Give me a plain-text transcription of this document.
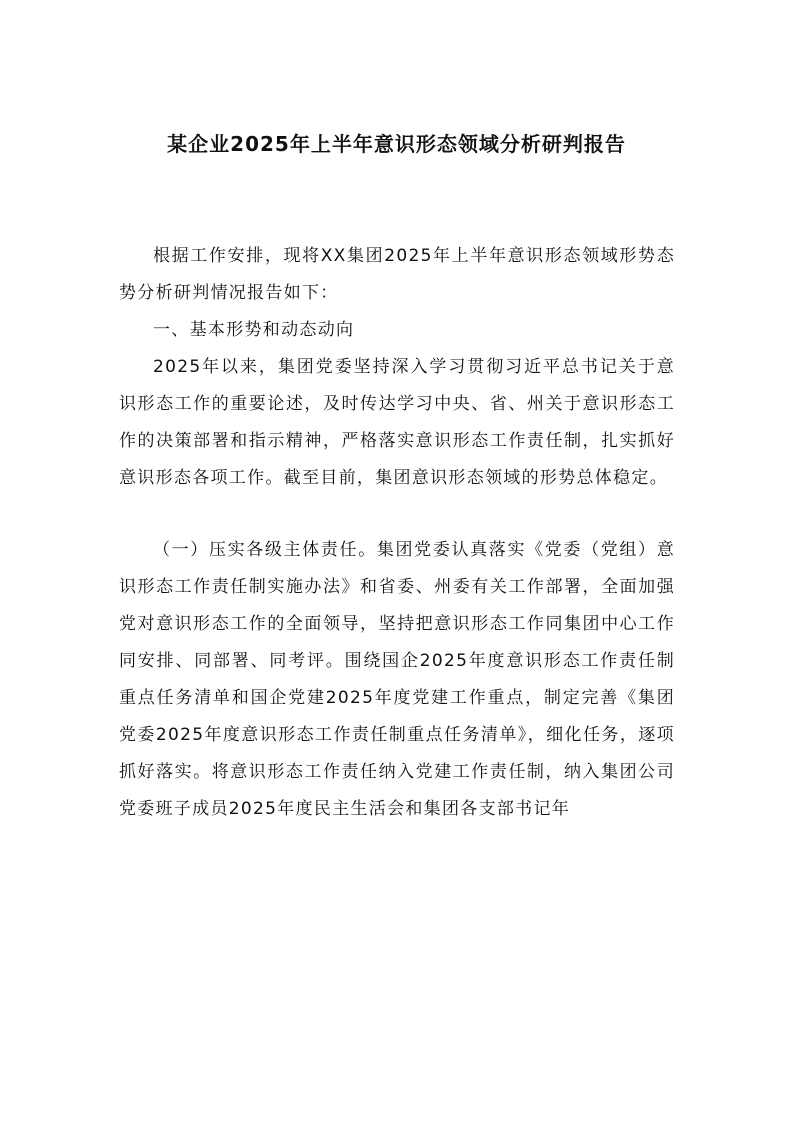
某企业2025年上半年意识形态领域分析研判报告

根据工作安排，现将XX集团2025年上半年意识形态领域形势态势分析研判情况报告如下：

一、基本形势和动态动向

2025年以来，集团党委坚持深入学习贯彻习近平总书记关于意识形态工作的重要论述，及时传达学习中央、省、州关于意识形态工作的决策部署和指示精神，严格落实意识形态工作责任制，扎实抓好意识形态各项工作。截至目前，集团意识形态领域的形势总体稳定。

（一）压实各级主体责任。集团党委认真落实《党委（党组）意识形态工作责任制实施办法》和省委、州委有关工作部署，全面加强党对意识形态工作的全面领导，坚持把意识形态工作同集团中心工作同安排、同部署、同考评。围绕国企2025年度意识形态工作责任制重点任务清单和国企党建2025年度党建工作重点，制定完善《集团党委2025年度意识形态工作责任制重点任务清单》，细化任务，逐项抓好落实。将意识形态工作责任纳入党建工作责任制，纳入集团公司党委班子成员2025年度民主生活会和集团各支部书记年
